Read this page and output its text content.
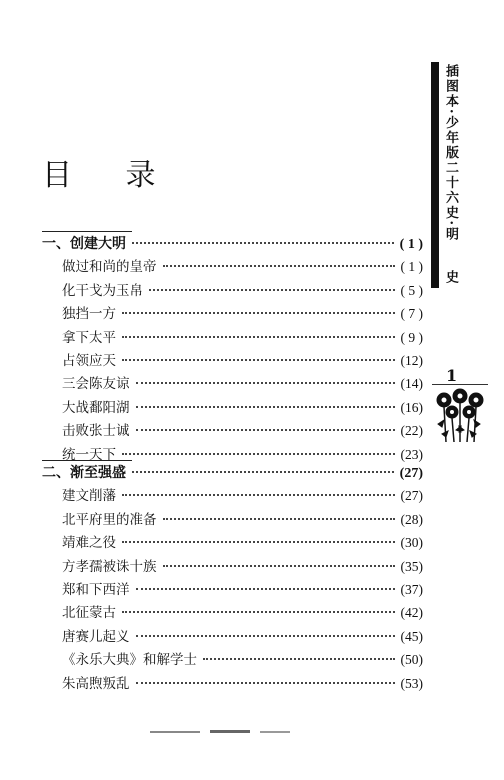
目 录	插图本·少年版二十六史·明
史
1
一、创建大明	( 1 )
做过和尚的皇帝	( 1 )
化干戈为玉帛	( 5 )
独挡一方	( 7 )
拿下太平	( 9 )
占领应天	(12)
三会陈友谅	(14)
大战鄱阳湖	(16)
击败张士诚	(22)
统一天下	(23)
二、渐至强盛	(27)
建文削藩	(27)
北平府里的准备	(28)
靖难之役	(30)
方孝孺被诛十族	(35)
郑和下西洋	(37)
北征蒙古	(42)
唐赛儿起义	(45)
《永乐大典》和解学士	(50)
朱高煦叛乱	(53)
